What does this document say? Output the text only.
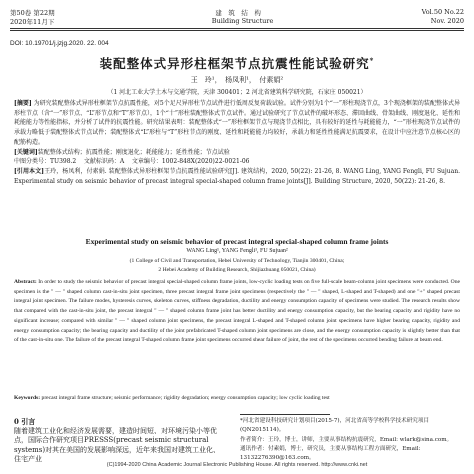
第50卷 第22期	建　筑　结　构	Vol.50 No.22
2020年11月下	Building Structure	Nov. 2020
DOI: 10.19701/j.jzjg.2020. 22. 004
装配整体式异形柱框架节点抗震性能试验研究*
王　玲¹，　杨凤利¹，　付素娟²
（1 河北工业大学土木与交通学院，天津 300401；2 河北省建筑科学研究院，石家庄 050021）

[摘要] 为研究装配整体式异形柱框架节点抗震性能，对5个足尺异形柱节点试件进行低周反复荷载试验。试件分别为1个“一”形柱现浇节点，3个现浇框架的装配整体式异形柱节点（含“一”形节点、“L”形节点和“T”形节点），1个“十”形柱装配整体式节点试件。通过试验研究了节点试件的破坏形态、滞回曲线、骨架曲线、刚度退化、延性和耗能能力等性能指标，并分析了试件的抗震性能。研究结果表明：装配整体式“一”形柱框架节点与现浇节点相比，具有较好的延性与耗能能力，“一”形柱现浇节点试件的承载力略低于装配整体式节点试件；装配整体式“L”形柱与“T”形柱节点的刚度、延性和耗能能力均较好，承载力和延性性能满足抗震要求，在设计中应注意节点核心区的配筋构造。

[关键词]装配整体式结构；抗震性能；刚度退化；耗能能力；延性性能；节点试验

中图分类号：TU398.2 文献标识码：A 文章编号：1002-848X(2020)22-0021-06

[引用本文]王玲，杨凤利，付素娟. 装配整体式异形柱框架节点抗震性能试验研究[J]. 建筑结构，2020, 50(22): 21-26, 8. WANG Ling, YANG Fengli, FU Sujuan. Experimental study on seismic behavior of precast integral special-shaped column frame joints[J]. Building Structure, 2020, 50(22): 21-26, 8.

Experimental study on seismic behavior of precast integral special-shaped column frame joints
WANG Ling¹, YANG Fengli¹, FU Sujuan²
(1 College of Civil and Transportation, Hebei University of Technology, Tianjin 300401, China;
2 Hebei Academy of Building Research, Shijiazhuang 050021, China)

Abstract: In order to study the seismic behavior of precast integral special-shaped column frame joints, low-cyclic loading tests on five full-scale beam-column joint specimens were conducted. One specimen is the " — " shaped column cast-in-situ joint specimen, three precast integral frame joint specimens (respectively the " — " shaped, L-shaped and T-shaped) and one "+" shaped precast integral joint specimen. The failure modes, hysteresis curves, skeleton curves, stiffness degradation, ductility and energy consumption capacity of specimens were studied. The research results show that compared with the cast-in-situ joint, the precast integral " — " shaped column frame joint has better ductility and energy consumption capacity, but the bearing capacity and rigidity have no significant increase; compared with similar " — " shaped column joint specimens, the precast integral L-shaped and T-shaped column joint specimens have higher bearing capacity, rigidity and energy consumption capacity; the bearing capacity and ductility of the joint prefabricated T-shaped column joint specimens are close, and the energy consumption capacity is slightly better than that of the cast-in-situ one. The failure of the precast integral T-shaped column frame joint specimens occurred shear failure of joint, the rest of the specimens occurred bending failure at beam end.

Keywords: precast integral frame structure; seismic performance; rigidity degradation; energy consumption capacity; low cyclic loading test

0 引言

随着建筑工业化和经济发展需要，建造时间短、对环境污染小等优点，国际合作研究项目PRESSS(precast seismic structural systems)对其在美国的发展影响深远，近年来我国对建筑工业化、住宅产业

*河北省建设科技研究计划项目(2015-7)，河北省高等学校科学技术研究项目(QN2015114)。

作者简介：王玲，博士，讲师，主要从事结构抗震研究，Email: wlark@sina.com。

通讯作者：付素娟，博士，研究员，主要从事结构工程方面研究，Email: 13132276390@163.com。

(C)1994-2020 China Academic Journal Electronic Publishing House. All rights reserved. http://www.cnki.net
